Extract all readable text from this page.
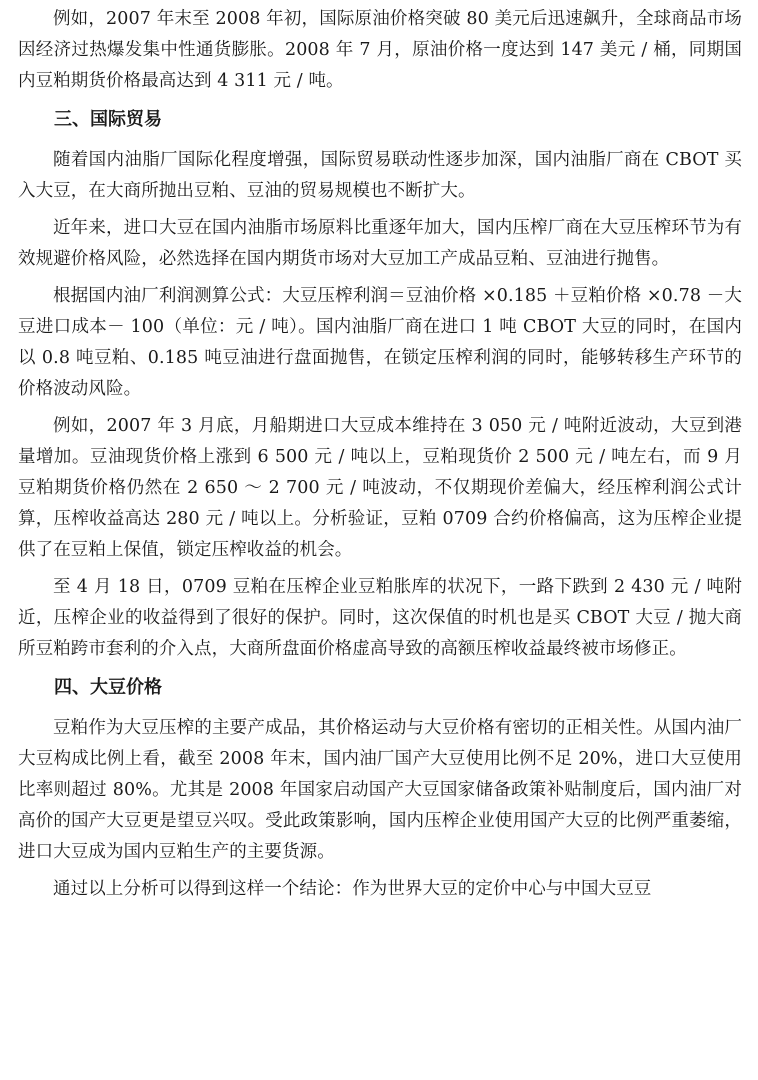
例如，2007 年末至 2008 年初，国际原油价格突破 80 美元后迅速飙升，全球商品市场因经济过热爆发集中性通货膨胀。2008 年 7 月，原油价格一度达到 147 美元 / 桶，同期国内豆粕期货价格最高达到 4 311 元 / 吨。

三、国际贸易

随着国内油脂厂国际化程度增强，国际贸易联动性逐步加深，国内油脂厂商在 CBOT 买入大豆，在大商所抛出豆粕、豆油的贸易规模也不断扩大。

近年来，进口大豆在国内油脂市场原料比重逐年加大，国内压榨厂商在大豆压榨环节为有效规避价格风险，必然选择在国内期货市场对大豆加工产成品豆粕、豆油进行抛售。

根据国内油厂利润测算公式：大豆压榨利润＝豆油价格 ×0.185 ＋豆粕价格 ×0.78 －大豆进口成本－ 100（单位：元 / 吨）。国内油脂厂商在进口 1 吨 CBOT 大豆的同时，在国内以 0.8 吨豆粕、0.185 吨豆油进行盘面抛售，在锁定压榨利润的同时，能够转移生产环节的价格波动风险。

例如，2007 年 3 月底，月船期进口大豆成本维持在 3 050 元 / 吨附近波动，大豆到港量增加。豆油现货价格上涨到 6 500 元 / 吨以上，豆粕现货价 2 500 元 / 吨左右，而 9 月豆粕期货价格仍然在 2 650 ～ 2 700 元 / 吨波动，不仅期现价差偏大，经压榨利润公式计算，压榨收益高达 280 元 / 吨以上。分析验证，豆粕 0709 合约价格偏高，这为压榨企业提供了在豆粕上保值，锁定压榨收益的机会。

至 4 月 18 日，0709 豆粕在压榨企业豆粕胀库的状况下，一路下跌到 2 430 元 / 吨附近，压榨企业的收益得到了很好的保护。同时，这次保值的时机也是买 CBOT 大豆 / 抛大商所豆粕跨市套利的介入点，大商所盘面价格虚高导致的高额压榨收益最终被市场修正。

四、大豆价格

豆粕作为大豆压榨的主要产成品，其价格运动与大豆价格有密切的正相关性。从国内油厂大豆构成比例上看，截至 2008 年末，国内油厂国产大豆使用比例不足 20%，进口大豆使用比率则超过 80%。尤其是 2008 年国家启动国产大豆国家储备政策补贴制度后，国内油厂对高价的国产大豆更是望豆兴叹。受此政策影响，国内压榨企业使用国产大豆的比例严重萎缩，进口大豆成为国内豆粕生产的主要货源。

通过以上分析可以得到这样一个结论：作为世界大豆的定价中心与中国大豆豆
